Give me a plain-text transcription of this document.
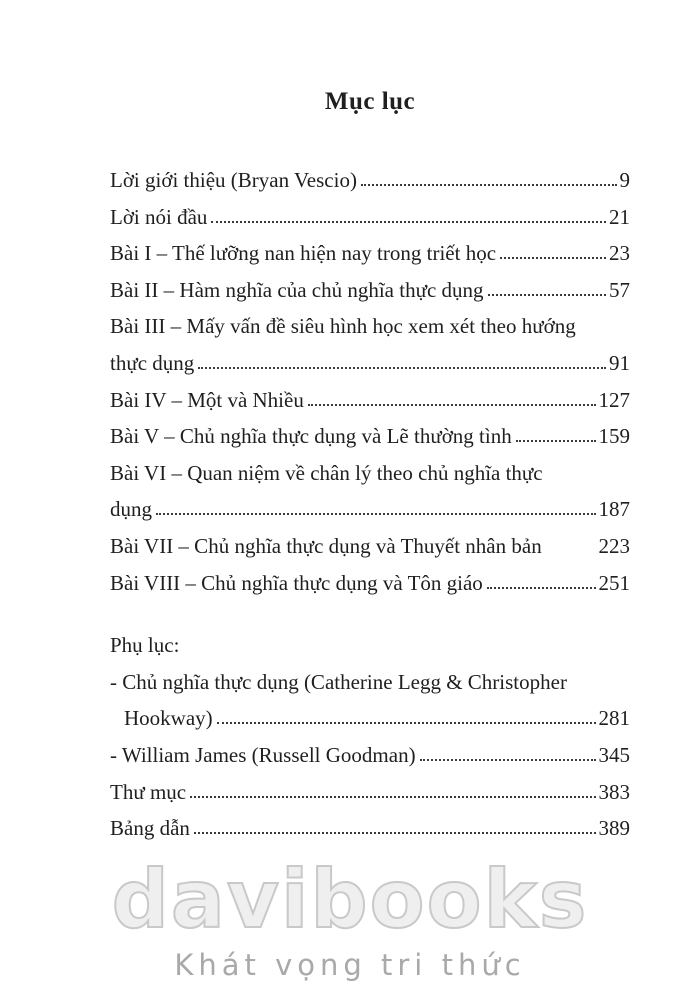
Mục lục
Lời giới thiệu (Bryan Vescio)	9
Lời nói đầu	21
Bài I – Thế lưỡng nan hiện nay trong triết học	23
Bài II – Hàm nghĩa của chủ nghĩa thực dụng	57
Bài III – Mấy vấn đề siêu hình học xem xét theo hướng
thực dụng	91
Bài IV – Một và Nhiều	127
Bài V – Chủ nghĩa thực dụng và Lẽ thường tình	159
Bài VI – Quan niệm về chân lý theo chủ nghĩa thực
dụng	187
Bài VII – Chủ nghĩa thực dụng và Thuyết nhân bản	223
Bài VIII – Chủ nghĩa thực dụng và Tôn giáo	251
Phụ lục:
- Chủ nghĩa thực dụng (Catherine Legg & Christopher
Hookway)	281
- William James (Russell Goodman)	345
Thư mục	383
Bảng dẫn	389
davibooks
Khát vọng tri thức
